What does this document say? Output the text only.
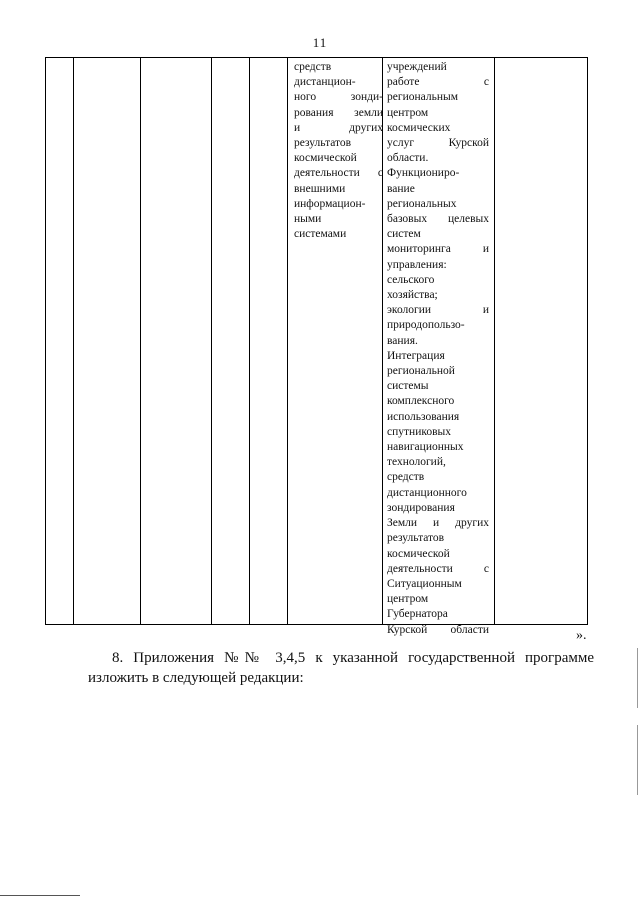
11
средств
дистанцион-
ного зонди-
рования земли
и других
результатов
космической
деятельности с
внешними
информацион-
ными
системами
учреждений
работе с
региональным
центром
космических
услуг Курской
области.
Функциониро-
вание
региональных
базовых целевых
систем
мониторинга и
управления:
сельского
хозяйства;
экологии и
природопользо-
вания.
Интеграция
региональной
системы
комплексного
использования
спутниковых
навигационных
технологий,
средств
дистанционного
зондирования
Земли и других
результатов
космической
деятельности с
Ситуационным
центром
Губернатора
Курской области	».
8. Приложения №№ 3,4,5 к указанной государственной программе
изложить в следующей редакции:
